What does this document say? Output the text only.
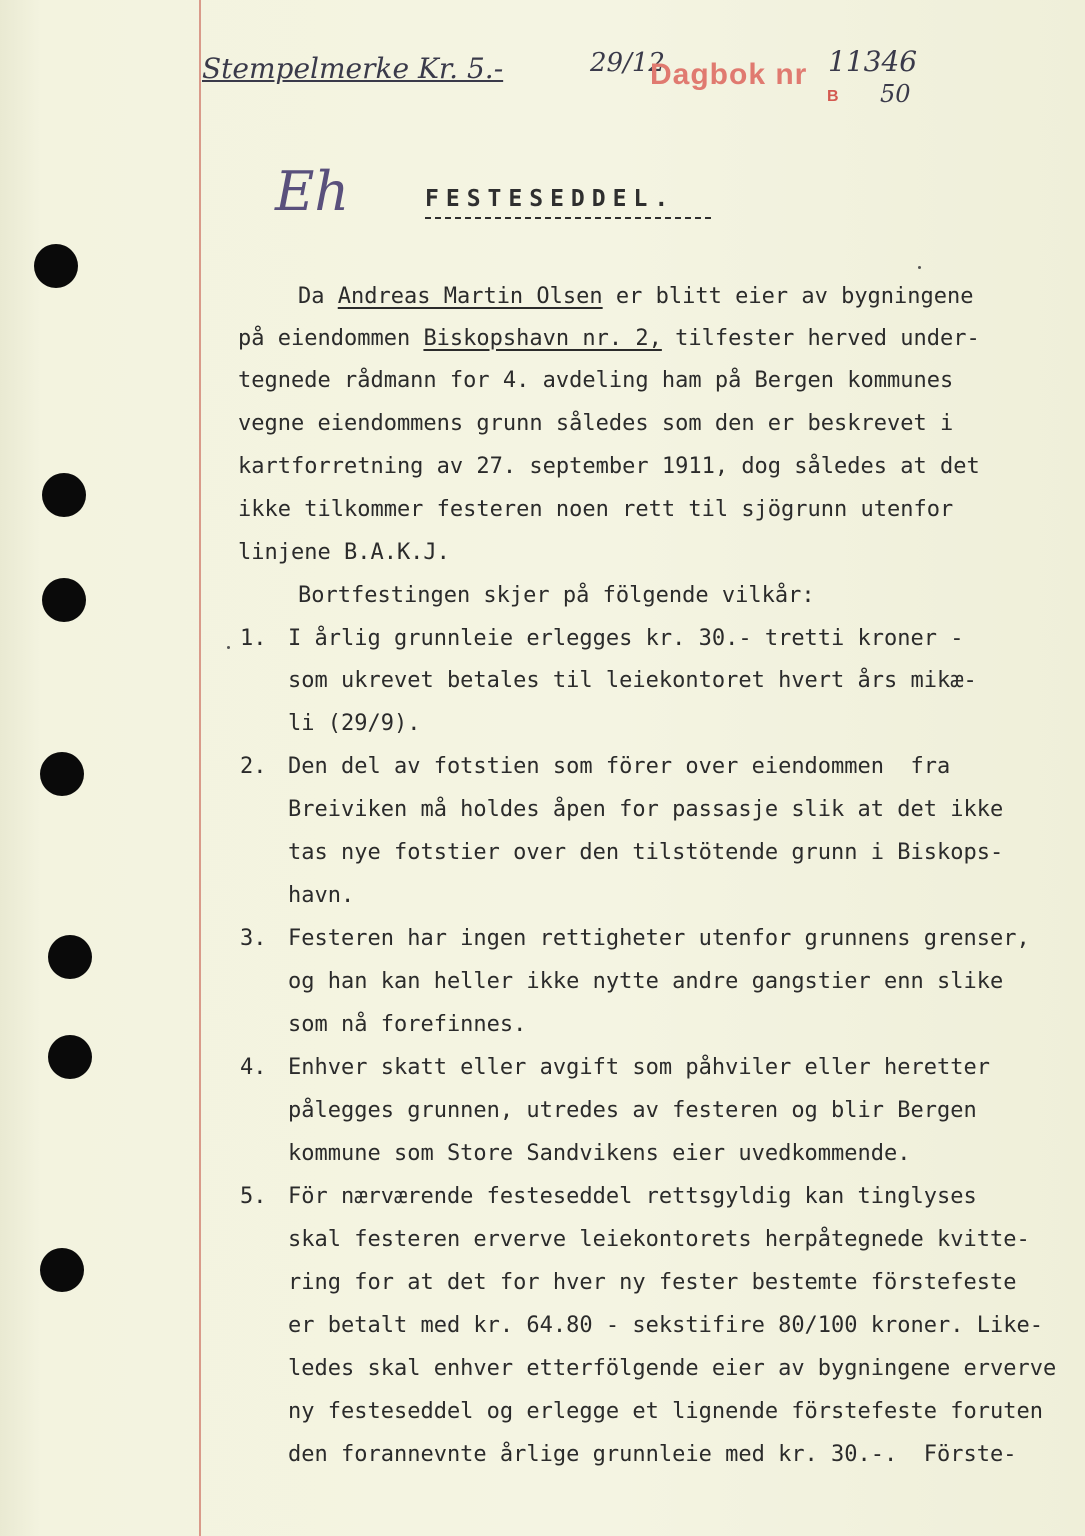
Stempelmerke Kr. 5.-	29/12
Dagbok nr 11346
B 50
Eh	FESTESEDDEL.
Da Andreas Martin Olsen er blitt eier av bygningene
på eiendommen Biskopshavn nr. 2, tilfester herved under-
tegnede rådmann for 4. avdeling ham på Bergen kommunes
vegne eiendommens grunn således som den er beskrevet i
kartforretning av 27. september 1911, dog således at det
ikke tilkommer festeren noen rett til sjögrunn utenfor
linjene B.A.K.J.
Bortfestingen skjer på fölgende vilkår:
1. I årlig grunnleie erlegges kr. 30.- tretti kroner -
som ukrevet betales til leiekontoret hvert års mikæ-
li (29/9).
2. Den del av fotstien som förer over eiendommen  fra
Breiviken må holdes åpen for passasje slik at det ikke
tas nye fotstier over den tilstötende grunn i Biskops-
havn.
3. Festeren har ingen rettigheter utenfor grunnens grenser,
og han kan heller ikke nytte andre gangstier enn slike
som nå forefinnes.
4. Enhver skatt eller avgift som påhviler eller heretter
pålegges grunnen, utredes av festeren og blir Bergen
kommune som Store Sandvikens eier uvedkommende.
5. För nærværende festeseddel rettsgyldig kan tinglyses
skal festeren erverve leiekontorets herpåtegnede kvitte-
ring for at det for hver ny fester bestemte förstefeste
er betalt med kr. 64.80 - sekstifire 80/100 kroner. Like-
ledes skal enhver etterfölgende eier av bygningene erverve
ny festeseddel og erlegge et lignende förstefeste foruten
den forannevnte årlige grunnleie med kr. 30.-.  Förste-
